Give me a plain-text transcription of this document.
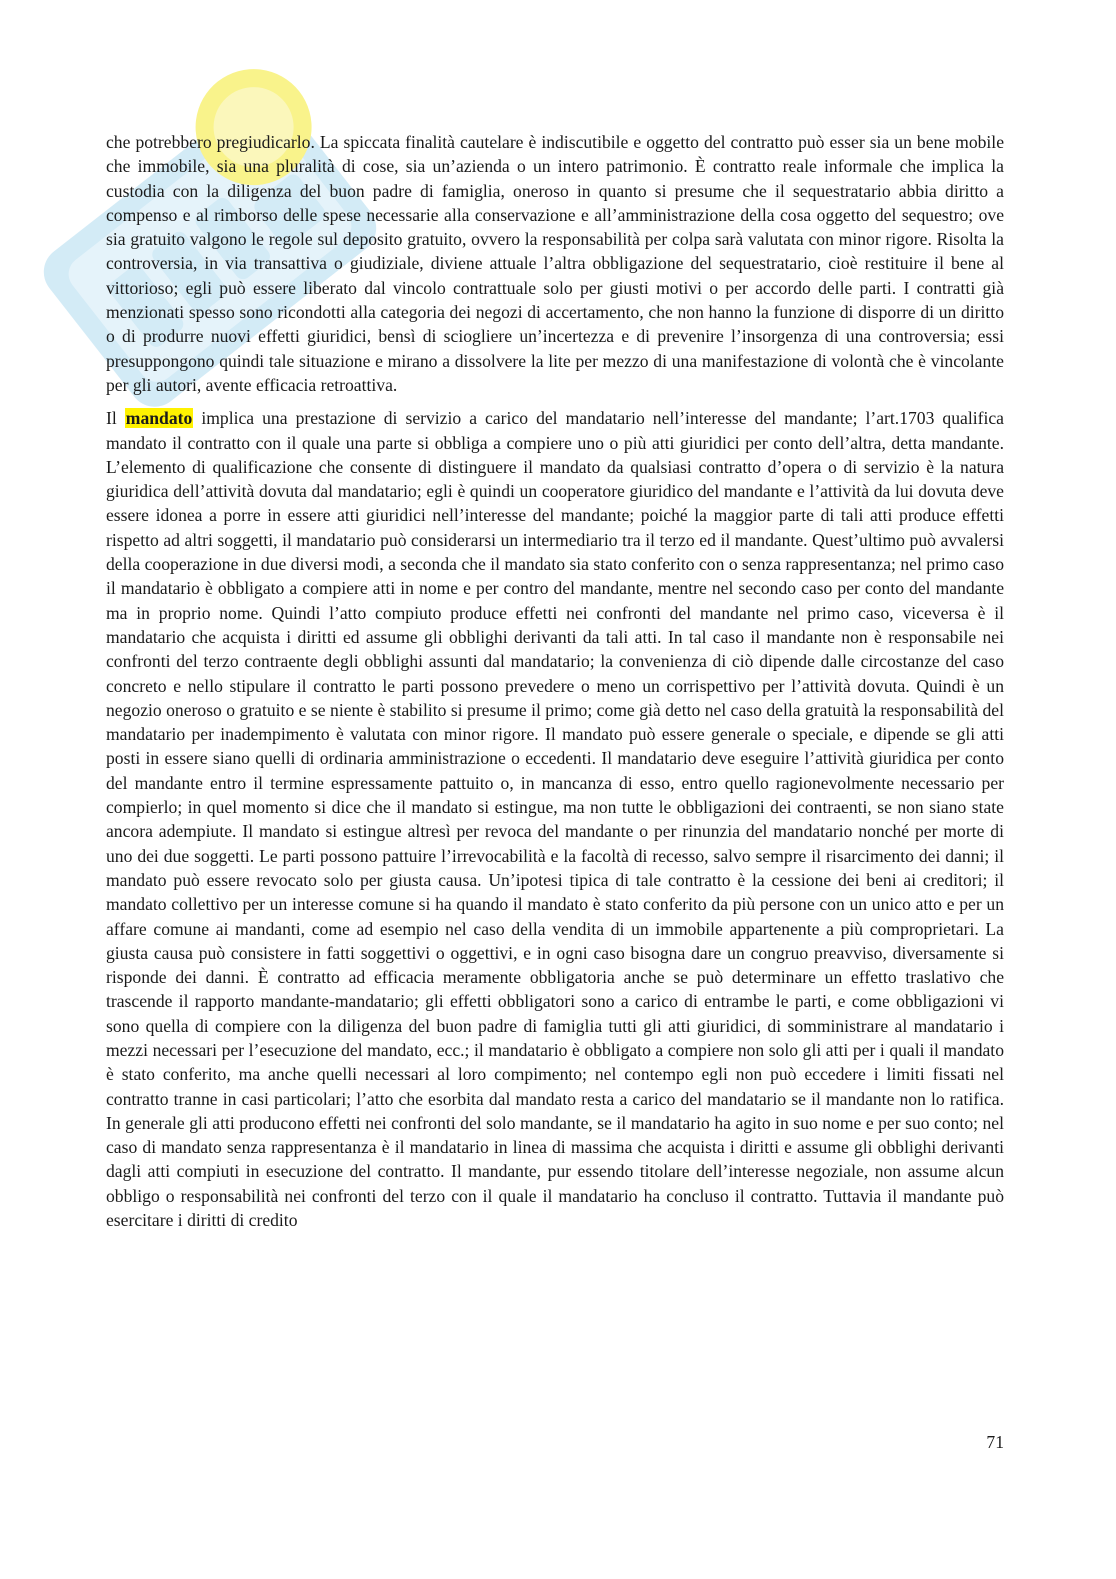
che potrebbero pregiudicarlo. La spiccata finalità cautelare è indiscutibile e oggetto del contratto può esser sia un bene mobile che immobile, sia una pluralità di cose, sia un’azienda o un intero patrimonio. È contratto reale informale che implica la custodia con la diligenza del buon padre di famiglia, oneroso in quanto si presume che il sequestratario abbia diritto a compenso e al rimborso delle spese necessarie alla conservazione e all’amministrazione della cosa oggetto del sequestro; ove sia gratuito valgono le regole sul deposito gratuito, ovvero la responsabilità per colpa sarà valutata con minor rigore. Risolta la controversia, in via transattiva o giudiziale, diviene attuale l’altra obbligazione del sequestratario, cioè restituire il bene al vittorioso; egli può essere liberato dal vincolo contrattuale solo per giusti motivi o per accordo delle parti. I contratti già menzionati spesso sono ricondotti alla categoria dei negozi di accertamento, che non hanno la funzione di disporre di un diritto o di produrre nuovi effetti giuridici, bensì di sciogliere un’incertezza e di prevenire l’insorgenza di una controversia; essi presuppongono quindi tale situazione e mirano a dissolvere la lite per mezzo di una manifestazione di volontà che è vincolante per gli autori, avente efficacia retroattiva.

Il mandato implica una prestazione di servizio a carico del mandatario nell’interesse del mandante; l’art.1703 qualifica mandato il contratto con il quale una parte si obbliga a compiere uno o più atti giuridici per conto dell’altra, detta mandante. L’elemento di qualificazione che consente di distinguere il mandato da qualsiasi contratto d’opera o di servizio è la natura giuridica dell’attività dovuta dal mandatario; egli è quindi un cooperatore giuridico del mandante e l’attività da lui dovuta deve essere idonea a porre in essere atti giuridici nell’interesse del mandante; poiché la maggior parte di tali atti produce effetti rispetto ad altri soggetti, il mandatario può considerarsi un intermediario tra il terzo ed il mandante. Quest’ultimo può avvalersi della cooperazione in due diversi modi, a seconda che il mandato sia stato conferito con o senza rappresentanza; nel primo caso il mandatario è obbligato a compiere atti in nome e per contro del mandante, mentre nel secondo caso per conto del mandante ma in proprio nome. Quindi l’atto compiuto produce effetti nei confronti del mandante nel primo caso, viceversa è il mandatario che acquista i diritti ed assume gli obblighi derivanti da tali atti. In tal caso il mandante non è responsabile nei confronti del terzo contraente degli obblighi assunti dal mandatario; la convenienza di ciò dipende dalle circostanze del caso concreto e nello stipulare il contratto le parti possono prevedere o meno un corrispettivo per l’attività dovuta. Quindi è un negozio oneroso o gratuito e se niente è stabilito si presume il primo; come già detto nel caso della gratuità la responsabilità del mandatario per inadempimento è valutata con minor rigore. Il mandato può essere generale o speciale, e dipende se gli atti posti in essere siano quelli di ordinaria amministrazione o eccedenti. Il mandatario deve eseguire l’attività giuridica per conto del mandante entro il termine espressamente pattuito o, in mancanza di esso, entro quello ragionevolmente necessario per compierlo; in quel momento si dice che il mandato si estingue, ma non tutte le obbligazioni dei contraenti, se non siano state ancora adempiute. Il mandato si estingue altresì per revoca del mandante o per rinunzia del mandatario nonché per morte di uno dei due soggetti. Le parti possono pattuire l’irrevocabilità e la facoltà di recesso, salvo sempre il risarcimento dei danni; il mandato può essere revocato solo per giusta causa. Un’ipotesi tipica di tale contratto è la cessione dei beni ai creditori; il mandato collettivo per un interesse comune si ha quando il mandato è stato conferito da più persone con un unico atto e per un affare comune ai mandanti, come ad esempio nel caso della vendita di un immobile appartenente a più comproprietari. La giusta causa può consistere in fatti soggettivi o oggettivi, e in ogni caso bisogna dare un congruo preavviso, diversamente si risponde dei danni. È contratto ad efficacia meramente obbligatoria anche se può determinare un effetto traslativo che trascende il rapporto mandante-mandatario; gli effetti obbligatori sono a carico di entrambe le parti, e come obbligazioni vi sono quella di compiere con la diligenza del buon padre di famiglia tutti gli atti giuridici, di somministrare al mandatario i mezzi necessari per l’esecuzione del mandato, ecc.; il mandatario è obbligato a compiere non solo gli atti per i quali il mandato è stato conferito, ma anche quelli necessari al loro compimento; nel contempo egli non può eccedere i limiti fissati nel contratto tranne in casi particolari; l’atto che esorbita dal mandato resta a carico del mandatario se il mandante non lo ratifica. In generale gli atti producono effetti nei confronti del solo mandante, se il mandatario ha agito in suo nome e per suo conto; nel caso di mandato senza rappresentanza è il mandatario in linea di massima che acquista i diritti e assume gli obblighi derivanti dagli atti compiuti in esecuzione del contratto. Il mandante, pur essendo titolare dell’interesse negoziale, non assume alcun obbligo o responsabilità nei confronti del terzo con il quale il mandatario ha concluso il contratto. Tuttavia il mandante può esercitare i diritti di credito

71
